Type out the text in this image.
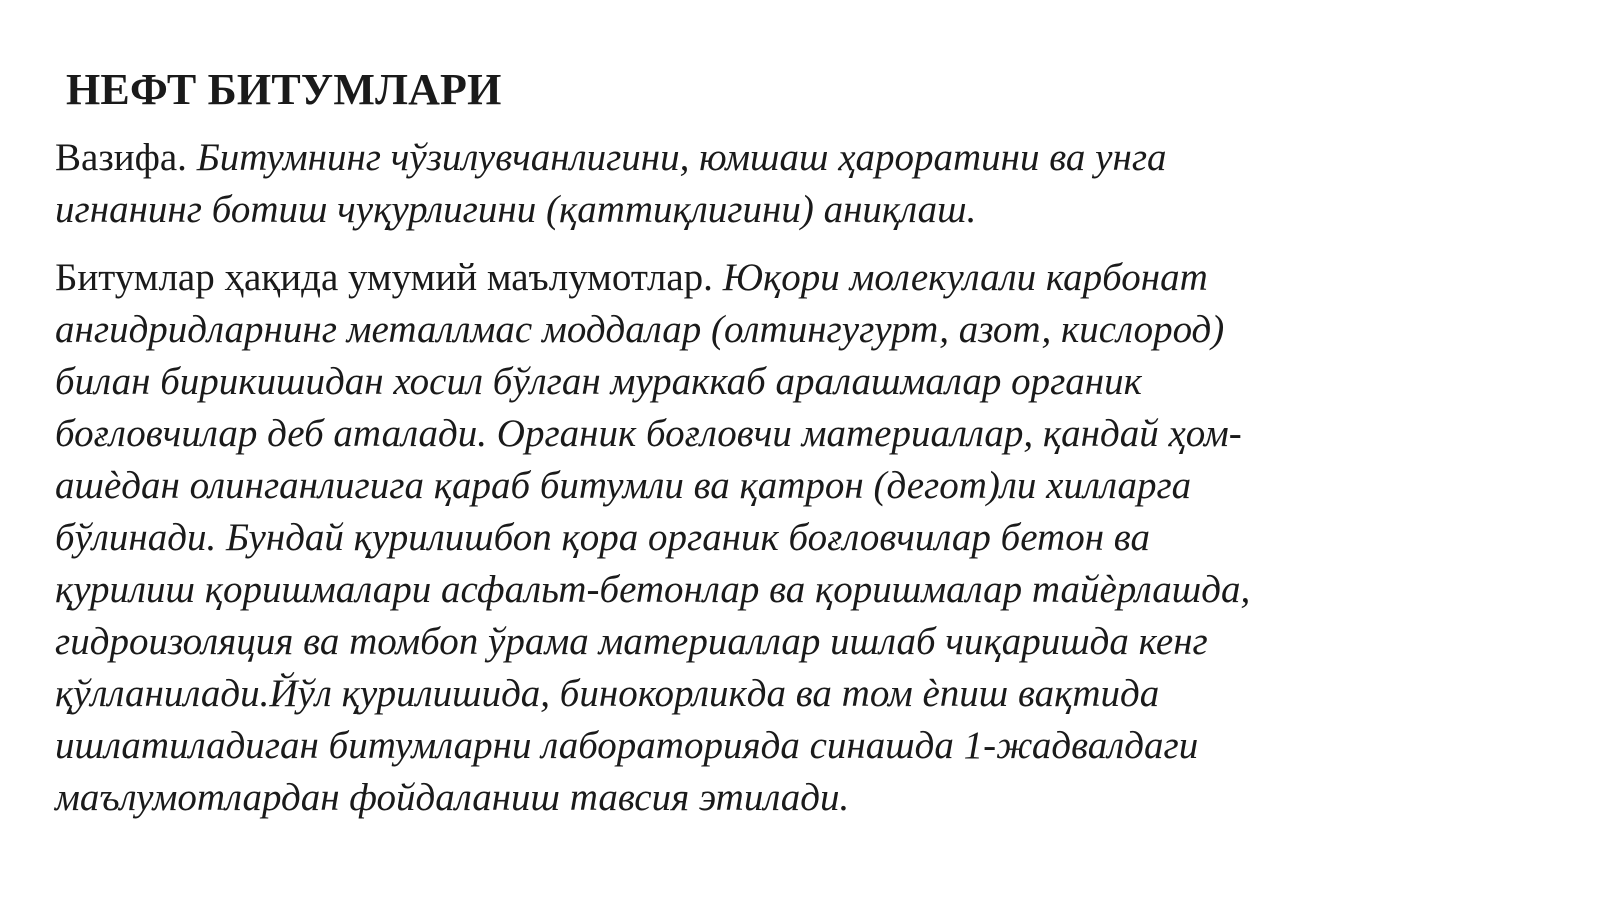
НЕФТ БИТУМЛАРИ

Вазифа. Битумнинг чўзилувчанлигини, юмшаш ҳароратини ва унга
игнанинг ботиш чуқурлигини (қаттиқлигини) аниқлаш.

Битумлар ҳақида умумий маълумотлар. Юқори молекулали карбонат
ангидридларнинг металлмас моддалар (олтингугурт, азот, кислород)
билан бирикишидан хосил бўлган мураккаб аралашмалар органик
боғловчилар деб аталади. Органик боғловчи материаллар, қандай ҳом-
ашѐдан олинганлигига қараб битумли ва қатрон (дегот)ли хилларга
бўлинади. Бундай қурилишбоп қора органик боғловчилар бетон ва
қурилиш қоришмалари асфальт-бетонлар ва қоришмалар тайѐрлашда,
гидроизоляция ва томбоп ўрама материаллар ишлаб чиқаришда кенг
қўлланилади.Йўл қурилишида, бинокорликда ва том ѐпиш вақтида
ишлатиладиган битумларни лабораторияда синашда 1-жадвалдаги
маълумотлардан фойдаланиш тавсия этилади.
